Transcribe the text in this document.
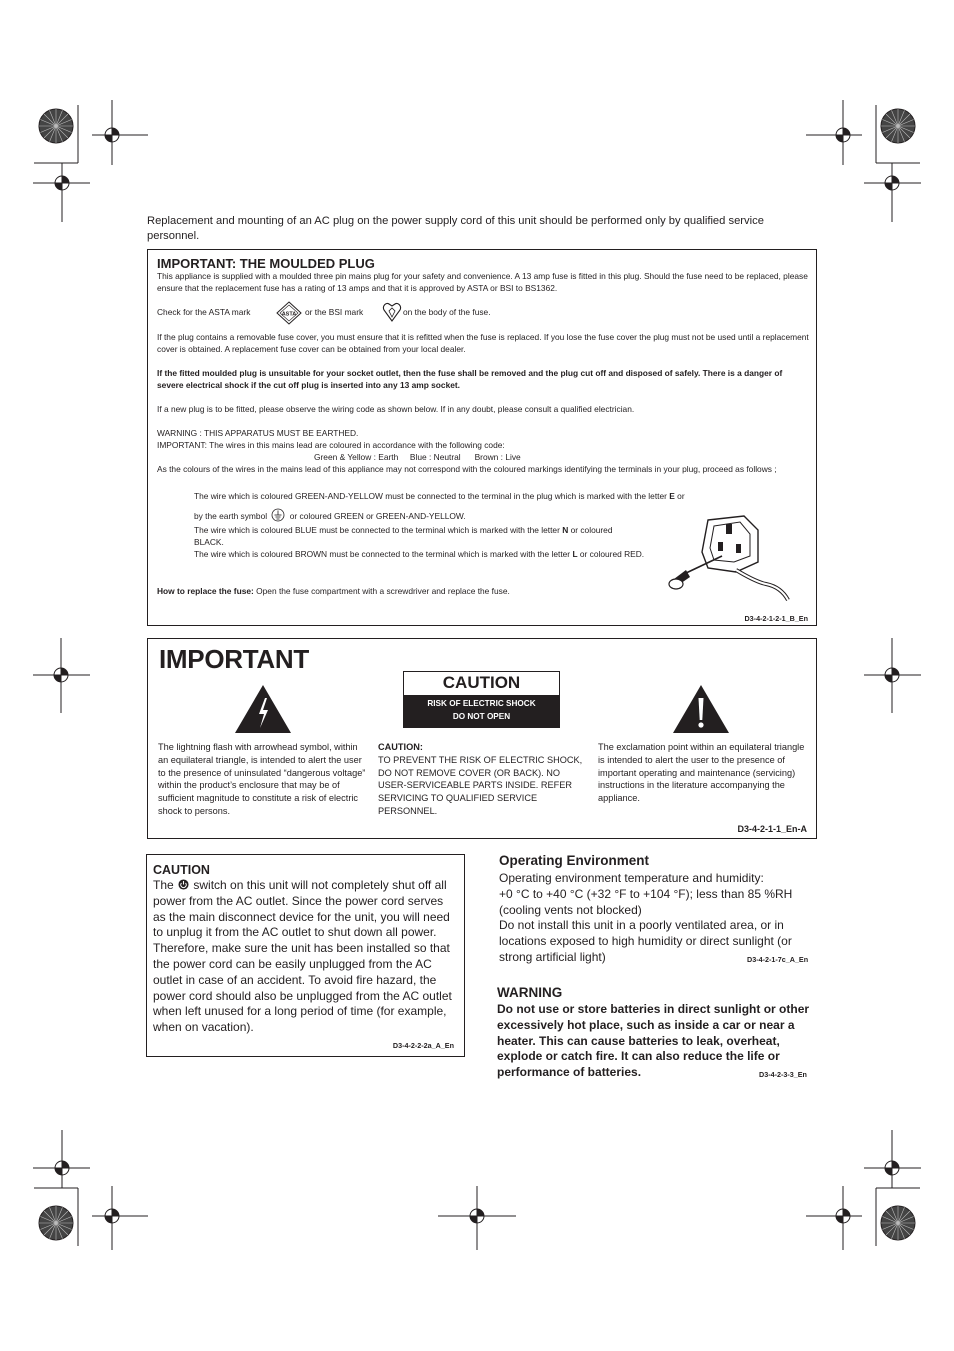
Replacement and mounting of an AC plug on the power supply cord of this unit should be performed only by qualified service personnel.
IMPORTANT: THE MOULDED PLUG
This appliance is supplied with a moulded three pin mains plug for your safety and convenience. A 13 amp fuse is fitted in this plug. Should the fuse need to be replaced, please ensure that the replacement fuse has a rating of 13 amps and that it is approved by ASTA or BSI to BS1362.
Check for the ASTA mark	ASTA or the BSI mark	on the body of the fuse.
If the plug contains a removable fuse cover, you must ensure that it is refitted when the fuse is replaced. If you lose the fuse cover the plug must not be used until a replacement cover is obtained. A replacement fuse cover can be obtained from your local dealer.
If the fitted moulded plug is unsuitable for your socket outlet, then the fuse shall be removed and the plug cut off and disposed of safely. There is a danger of severe electrical shock if the cut off plug is inserted into any 13 amp socket.
If a new plug is to be fitted, please observe the wiring code as shown below. If in any doubt, please consult a qualified electrician.
WARNING : THIS APPARATUS MUST BE EARTHED.
IMPORTANT: The wires in this mains lead are coloured in accordance with the following code:
Green & Yellow : Earth     Blue : Neutral      Brown : Live
As the colours of the wires in the mains lead of this appliance may not correspond with the coloured markings identifying the terminals in your plug, proceed as follows ;
The wire which is coloured GREEN-AND-YELLOW must be connected to the terminal in the plug which is marked with the letter E or
by the earth symbol	or coloured GREEN or GREEN-AND-YELLOW.
The wire which is coloured BLUE must be connected to the terminal which is marked with the letter N or coloured BLACK.
The wire which is coloured BROWN must be connected to the terminal which is marked with the letter L or coloured RED.
How to replace the fuse: Open the fuse compartment with a screwdriver and replace the fuse.
D3-4-2-1-2-1_B_En
IMPORTANT
CAUTION
RISK OF ELECTRIC SHOCK
DO NOT OPEN
The lightning flash with arrowhead symbol, within an equilateral triangle, is intended to alert the user to the presence of uninsulated “dangerous voltage” within the product’s enclosure that may be of sufficient magnitude to constitute a risk of electric shock to persons.
CAUTION:
TO PREVENT THE RISK OF ELECTRIC SHOCK, DO NOT REMOVE COVER (OR BACK). NO USER-SERVICEABLE PARTS INSIDE. REFER SERVICING TO QUALIFIED SERVICE PERSONNEL.
The exclamation point within an equilateral triangle is intended to alert the user to the presence of important operating and maintenance (servicing) instructions in the literature accompanying the appliance.
D3-4-2-1-1_En-A
CAUTION
The switch on this unit will not completely shut off all power from the AC outlet. Since the power cord serves as the main disconnect device for the unit, you will need to unplug it from the AC outlet to shut down all power. Therefore, make sure the unit has been installed so that the power cord can be easily unplugged from the AC outlet in case of an accident. To avoid fire hazard, the power cord should also be unplugged from the AC outlet when left unused for a long period of time (for example, when on vacation).
D3-4-2-2-2a_A_En
Operating Environment
Operating environment temperature and humidity:
+0 °C to +40 °C (+32 °F to +104 °F); less than 85 %RH (cooling vents not blocked)
Do not install this unit in a poorly ventilated area, or in locations exposed to high humidity or direct sunlight (or strong artificial light)	D3-4-2-1-7c_A_En
WARNING
Do not use or store batteries in direct sunlight or other excessively hot place, such as inside a car or near a heater. This can cause batteries to leak, overheat, explode or catch fire. It can also reduce the life or performance of batteries.	D3-4-2-3-3_En
